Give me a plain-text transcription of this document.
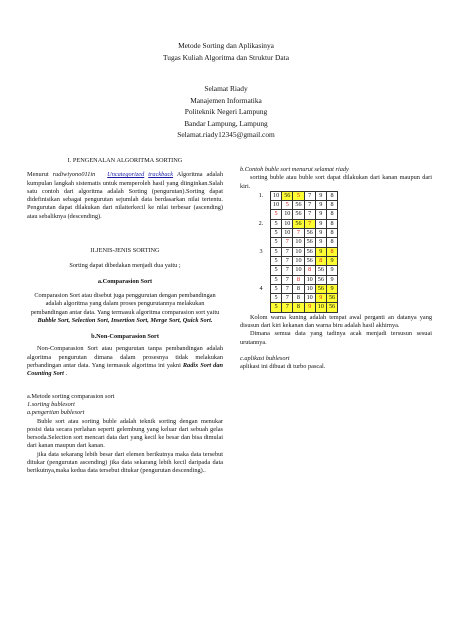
Metode Sorting dan Aplikasinya
Tugas Kuliah Algoritma dan Struktur Data
Selamat Riady
Manajemen Informatika
Politeknik Negeri Lampung
Bandar Lampung, Lampung
Selamat.riady12345@gmail.com
I. PENGENALAN ALGORITMA SORTING
Menurut rudiwiyono011in Uncategorized trackback Algoritma adalah kumpulan langkah sistematis untuk memperoleh hasil yang diinginkan.Salah satu contoh dari algoritma adalah Sorting (pengurutan).Sorting dapat didefinisikan sebagai pengurutan sejumlah data berdasarkan nilai tertentu. Pengurutan dapat dilakukan dari nilaiterkecil ke nilai terbesar (ascending) atau sebaliknya (descending).
II.JENIS-JENIS SORTING
Sorting dapat dibedakan menjadi dua yaitu ;
a.Comparasion Sort
Comparasion Sort atau disebut juga penggurutan dengan pembandingan adalah algoritma yang dalam proses pengurutannya melakukan pembandingan antar data. Yang termasuk algoritma comparasion sort yaitu Bubble Sort, Selection Sort, Insertion Sort, Merge Sort, Quick Sort.
b.Non-Comparasion Sort
Non-Comparasion Sort atau pengurutan tanpa pembandingan adalah algoritma pengurutan dimana dalam prosesnya tidak melakukan perbandingan antar data. Yang termasuk algoritma ini yakni Radix Sort dan Counting Sort .
a.Metode sorting comparasion sort
1.sorting bublesort
a.pengertian bublesort
Buble sort atau sorting buble adalah teknik sorting dengan menukar posisi data secara perlahan seperti gelembung yang keluar dari sebuah gelas bersoda.Selection sort mencari data dari yang kecil ke besar dan bisa dimulai dari kanan maupun dari kanan.
jika data sekarang lebih besar dari elemen berikutnya maka data tersebut ditukar (pengurutan ascending) jika data sekarang lebih kecil daripada data berikutnya,maka kedua data tersebut ditukar (pengurutan descending)..
b.Contoh buble sort menurut selamat riady
sorting buble atau buble sort dapat dilakukan dari kanan maupun dari kiri.
1.	10	56	5	7	9	8
	10	5	56	7	9	8
	5	10	56	7	9	8
2.	5	10	56	7	9	8
	5	10	7	56	9	8
	5	7	10	56	9	8
3	5	7	10	56	9	8
	5	7	10	56	8	9
	5	7	10	8	56	9
	5	7	8	10	56	9
4	5	7	8	10	56	9
	5	7	8	10	9	56
	5	7	8	9	10	56
Kolom warna kuning adalah tempat awal perganti an datanya yang disusun dari kiri kekanan dan warna biru adalah hasil akhirnya.
Dimana semua data yang tadinya acak menjadi tersusun sesuai urutannya.
c.aplikasi bublesort
aplikasi ini dibuat di turbo pascal.
